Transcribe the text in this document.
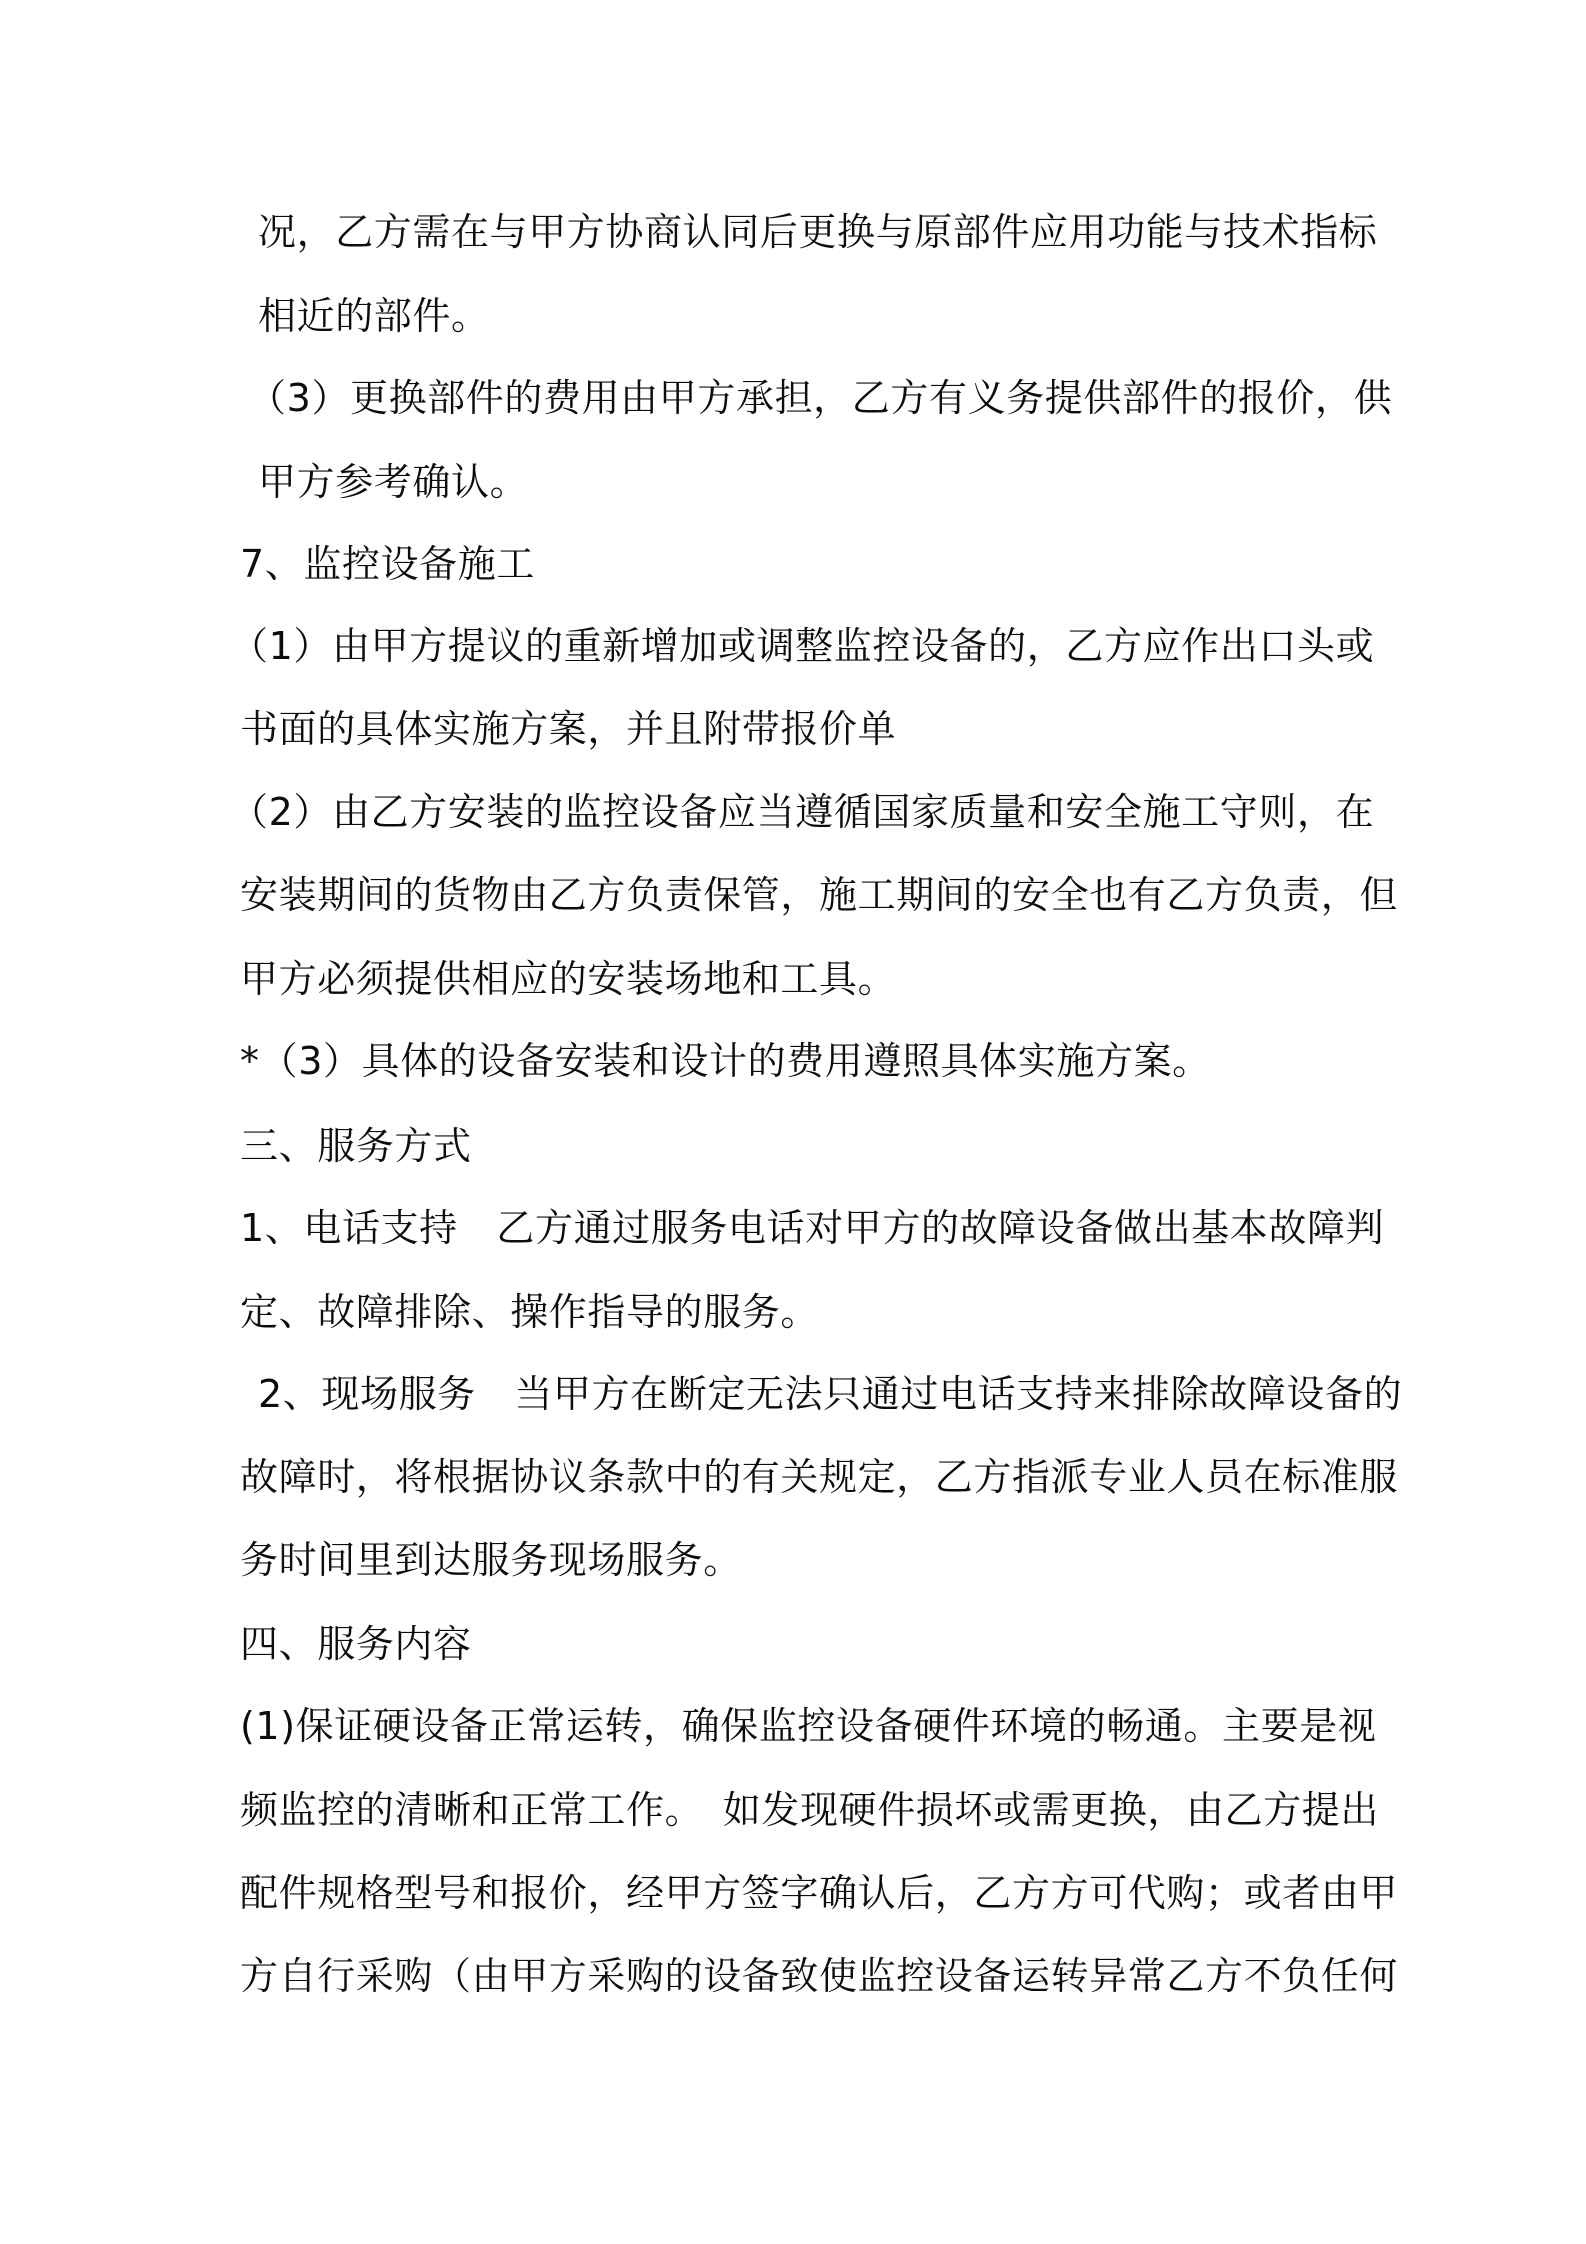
况，乙方需在与甲方协商认同后更换与原部件应用功能与技术指标
相近的部件。
（3）更换部件的费用由甲方承担，乙方有义务提供部件的报价，供
甲方参考确认。
7、监控设备施工
（1）由甲方提议的重新增加或调整监控设备的，乙方应作出口头或
书面的具体实施方案，并且附带报价单
（2）由乙方安装的监控设备应当遵循国家质量和安全施工守则，在
安装期间的货物由乙方负责保管，施工期间的安全也有乙方负责，但
甲方必须提供相应的安装场地和工具。
*（3）具体的设备安装和设计的费用遵照具体实施方案。
三、服务方式
1、电话支持　乙方通过服务电话对甲方的故障设备做出基本故障判
定、故障排除、操作指导的服务。
2、现场服务　当甲方在断定无法只通过电话支持来排除故障设备的
故障时，将根据协议条款中的有关规定，乙方指派专业人员在标准服
务时间里到达服务现场服务。
四、服务内容
(1)保证硬设备正常运转，确保监控设备硬件环境的畅通。主要是视
频监控的清晰和正常工作。　如发现硬件损坏或需更换，由乙方提出
配件规格型号和报价，经甲方签字确认后，乙方方可代购；或者由甲
方自行采购（由甲方采购的设备致使监控设备运转异常乙方不负任何
